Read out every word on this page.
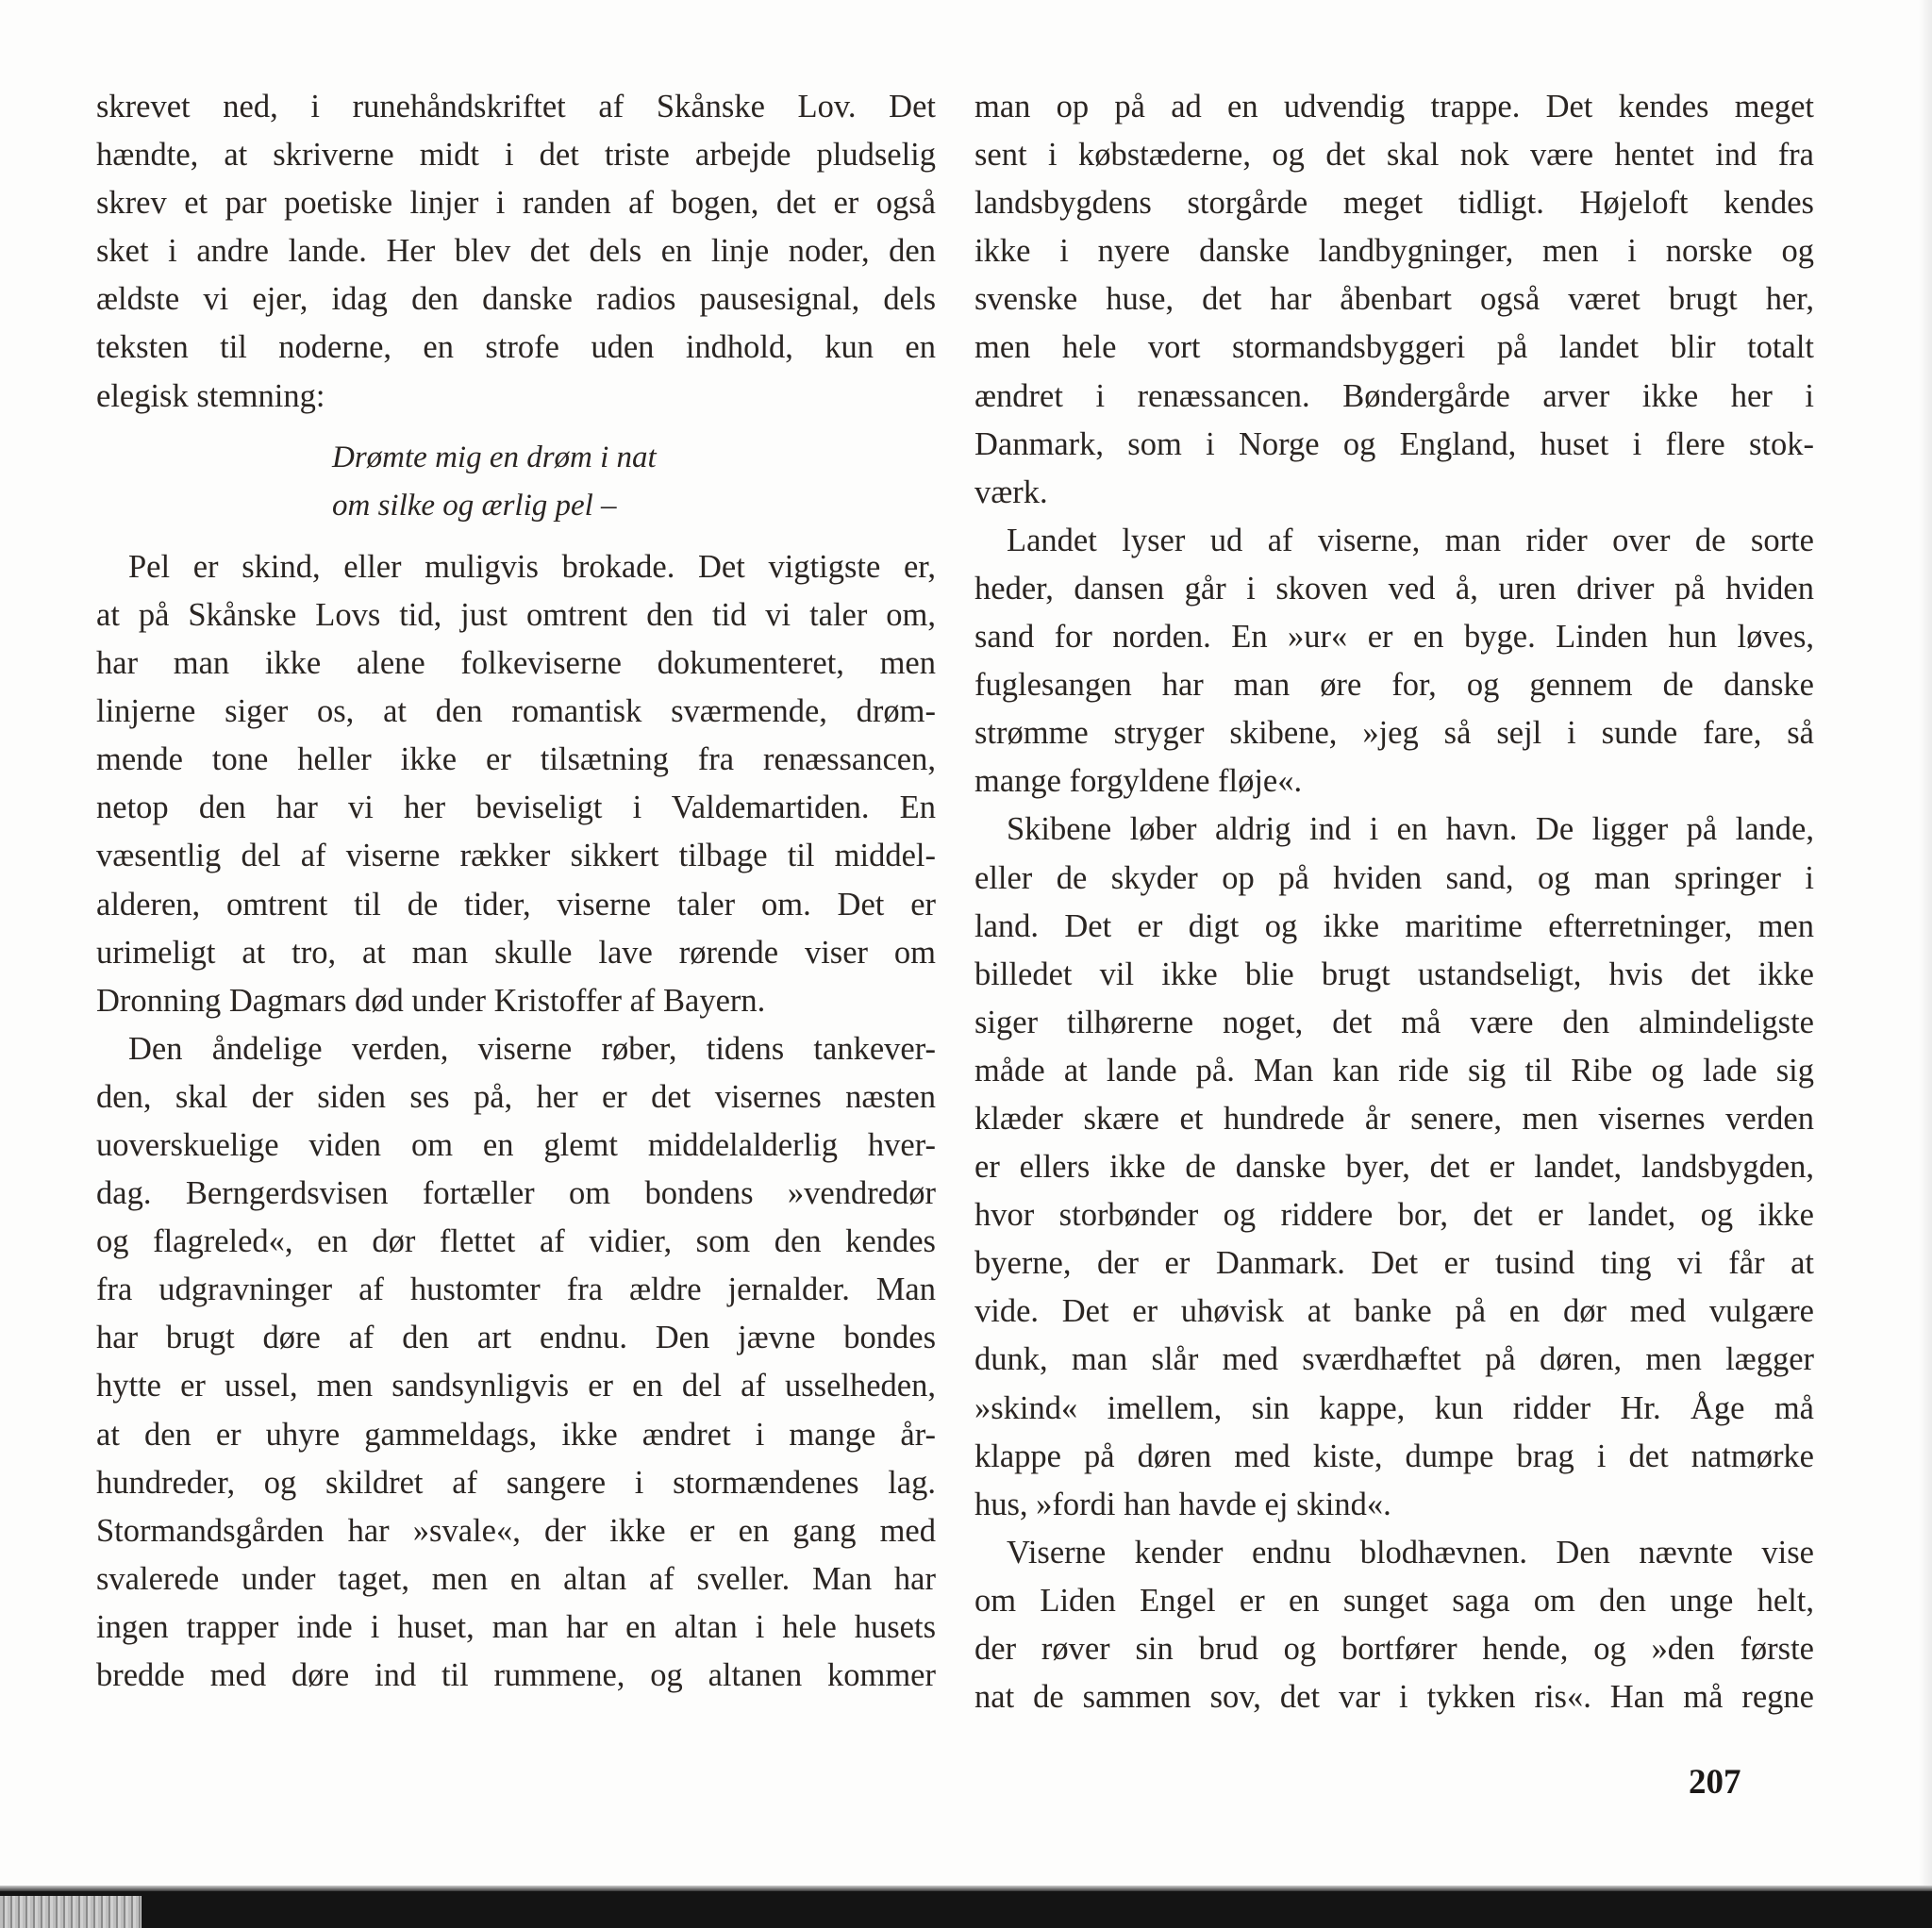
skrevet ned, i runehåndskriftet af Skånske Lov. Det
hændte, at skriverne midt i det triste arbejde pludselig
skrev et par poetiske linjer i randen af bogen, det er også
sket i andre lande. Her blev det dels en linje noder, den
ældste vi ejer, idag den danske radios pausesignal, dels
teksten til noderne, en strofe uden indhold, kun en
elegisk stemning:
Drømte mig en drøm i nat
om silke og ærlig pel –
Pel er skind, eller muligvis brokade. Det vigtigste er,
at på Skånske Lovs tid, just omtrent den tid vi taler om,
har man ikke alene folkeviserne dokumenteret, men
linjerne siger os, at den romantisk sværmende, drøm-
mende tone heller ikke er tilsætning fra renæssancen,
netop den har vi her beviseligt i Valdemartiden. En
væsentlig del af viserne rækker sikkert tilbage til middel-
alderen, omtrent til de tider, viserne taler om. Det er
urimeligt at tro, at man skulle lave rørende viser om
Dronning Dagmars død under Kristoffer af Bayern.
Den åndelige verden, viserne røber, tidens tankever-
den, skal der siden ses på, her er det visernes næsten
uoverskuelige viden om en glemt middelalderlig hver-
dag. Berngerdsvisen fortæller om bondens »vendredør
og flagreled«, en dør flettet af vidier, som den kendes
fra udgravninger af hustomter fra ældre jernalder. Man
har brugt døre af den art endnu. Den jævne bondes
hytte er ussel, men sandsynligvis er en del af usselheden,
at den er uhyre gammeldags, ikke ændret i mange år-
hundreder, og skildret af sangere i stormændenes lag.
Stormandsgården har »svale«, der ikke er en gang med
svalerede under taget, men en altan af sveller. Man har
ingen trapper inde i huset, man har en altan i hele husets
bredde med døre ind til rummene, og altanen kommer
man op på ad en udvendig trappe. Det kendes meget
sent i købstæderne, og det skal nok være hentet ind fra
landsbygdens storgårde meget tidligt. Højeloft kendes
ikke i nyere danske landbygninger, men i norske og
svenske huse, det har åbenbart også været brugt her,
men hele vort stormandsbyggeri på landet blir totalt
ændret i renæssancen. Bøndergårde arver ikke her i
Danmark, som i Norge og England, huset i flere stok-
værk.
Landet lyser ud af viserne, man rider over de sorte
heder, dansen går i skoven ved å, uren driver på hviden
sand for norden. En »ur« er en byge. Linden hun løves,
fuglesangen har man øre for, og gennem de danske
strømme stryger skibene, »jeg så sejl i sunde fare, så
mange forgyldene fløje«.
Skibene løber aldrig ind i en havn. De ligger på lande,
eller de skyder op på hviden sand, og man springer i
land. Det er digt og ikke maritime efterretninger, men
billedet vil ikke blie brugt ustandseligt, hvis det ikke
siger tilhørerne noget, det må være den almindeligste
måde at lande på. Man kan ride sig til Ribe og lade sig
klæder skære et hundrede år senere, men visernes verden
er ellers ikke de danske byer, det er landet, landsbygden,
hvor storbønder og riddere bor, det er landet, og ikke
byerne, der er Danmark. Det er tusind ting vi får at
vide. Det er uhøvisk at banke på en dør med vulgære
dunk, man slår med sværdhæftet på døren, men lægger
»skind« imellem, sin kappe, kun ridder Hr. Åge må
klappe på døren med kiste, dumpe brag i det natmørke
hus, »fordi han havde ej skind«.
Viserne kender endnu blodhævnen. Den nævnte vise
om Liden Engel er en sunget saga om den unge helt,
der røver sin brud og bortfører hende, og »den første
nat de sammen sov, det var i tykken ris«. Han må regne
207
